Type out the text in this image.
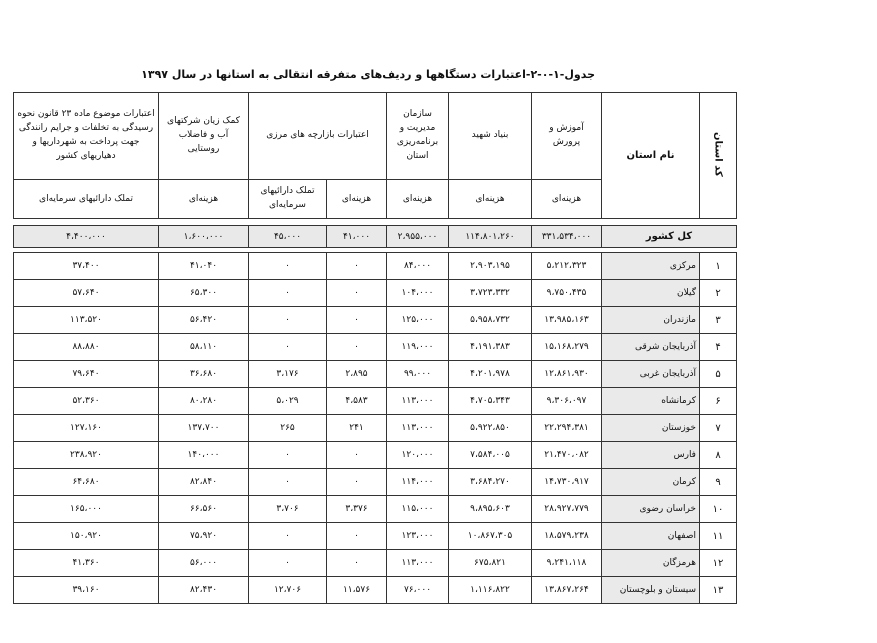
جدول-۱-۰-۲-اعتبارات دستگاهها و ردیف‌های متفرقه انتقالی به استانها در سال ۱۳۹۷
کد استان	نام استان	آموزش و پرورش	بنیاد شهید	سازمان مدیریت و برنامه‌ریزی استان	اعتبارات بازارچه های مرزی		کمک زیان شرکتهای آب و فاضلاب روستایی	اعتبارات موضوع ماده ۲۳ قانون نحوه رسیدگی به تخلفات و جرایم رانندگی جهت پرداخت به شهرداریها و دهیاریهای کشور
		هزینه‌ای	هزینه‌ای	هزینه‌ای	هزینه‌ای	تملک دارائیهای سرمایه‌ای	هزینه‌ای	تملک دارائیهای سرمایه‌ای

کل کشور		۳۳۱،۵۳۴،۰۰۰	۱۱۴،۸۰۱،۲۶۰	۲،۹۵۵،۰۰۰	۴۱،۰۰۰	۴۵،۰۰۰	۱،۶۰۰،۰۰۰	۴،۴۰۰،۰۰۰

۱	مرکزی	۵،۲۱۲،۳۲۳	۲،۹۰۳،۱۹۵	۸۴،۰۰۰	۰	۰	۴۱،۰۴۰	۳۷،۴۰۰
۲	گیلان	۹،۷۵۰،۴۳۵	۳،۷۲۳،۳۳۲	۱۰۴،۰۰۰	۰	۰	۶۵،۳۰۰	۵۷،۶۴۰
۳	مازندران	۱۳،۹۸۵،۱۶۳	۵،۹۵۸،۷۳۲	۱۲۵،۰۰۰	۰	۰	۵۶،۴۲۰	۱۱۳،۵۲۰
۴	آذربایجان شرقی	۱۵،۱۶۸،۲۷۹	۴،۱۹۱،۳۸۳	۱۱۹،۰۰۰	۰	۰	۵۸،۱۱۰	۸۸،۸۸۰
۵	آذربایجان غربی	۱۲،۸۶۱،۹۳۰	۴،۲۰۱،۹۷۸	۹۹،۰۰۰	۲،۸۹۵	۳،۱۷۶	۳۶،۶۸۰	۷۹،۶۴۰
۶	کرمانشاه	۹،۳۰۶،۰۹۷	۴،۷۰۵،۳۴۳	۱۱۳،۰۰۰	۴،۵۸۳	۵،۰۲۹	۸۰،۲۸۰	۵۲،۳۶۰
۷	خوزستان	۲۲،۲۹۴،۳۸۱	۵،۹۲۲،۸۵۰	۱۱۳،۰۰۰	۲۴۱	۲۶۵	۱۳۷،۷۰۰	۱۲۷،۱۶۰
۸	فارس	۲۱،۴۷۰،۰۸۲	۷،۵۸۴،۰۰۵	۱۲۰،۰۰۰	۰	۰	۱۴۰،۰۰۰	۲۳۸،۹۲۰
۹	کرمان	۱۴،۷۳۰،۹۱۷	۳،۶۸۴،۲۷۰	۱۱۴،۰۰۰	۰	۰	۸۲،۸۴۰	۶۴،۶۸۰
۱۰	خراسان رضوی	۲۸،۹۲۷،۷۷۹	۹،۸۹۵،۶۰۳	۱۱۵،۰۰۰	۳،۳۷۶	۳،۷۰۶	۶۶،۵۶۰	۱۶۵،۰۰۰
۱۱	اصفهان	۱۸،۵۷۹،۲۳۸	۱۰،۸۶۷،۳۰۵	۱۲۳،۰۰۰	۰	۰	۷۵،۹۲۰	۱۵۰،۹۲۰
۱۲	هرمزگان	۹،۲۴۱،۱۱۸	۶۷۵،۸۲۱	۱۱۳،۰۰۰	۰	۰	۵۶،۰۰۰	۴۱،۳۶۰
۱۳	سیستان و بلوچستان	۱۳،۸۶۷،۲۶۴	۱،۱۱۶،۸۲۲	۷۶،۰۰۰	۱۱،۵۷۶	۱۲،۷۰۶	۸۲،۴۳۰	۳۹،۱۶۰
